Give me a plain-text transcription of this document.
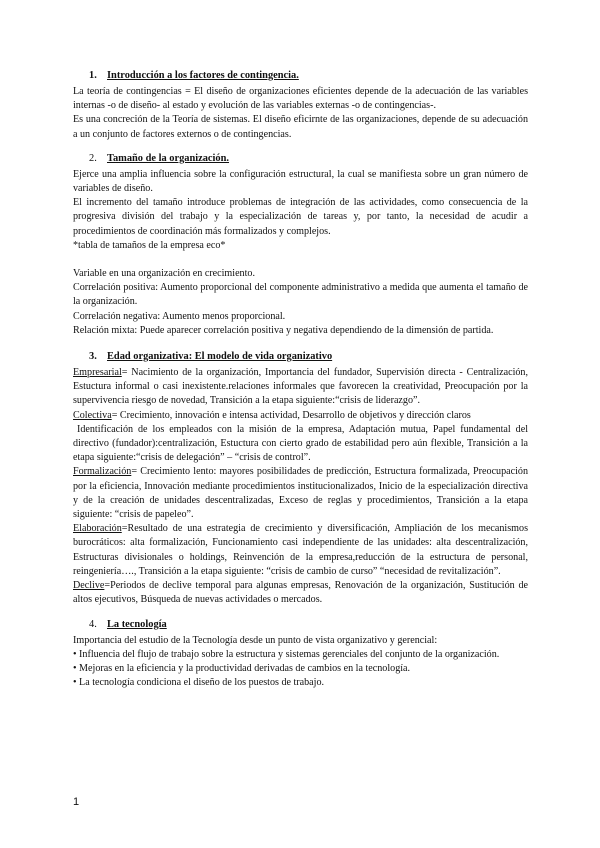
1. Introducción a los factores de contingencia.

La teoría de contingencias = El diseño de organizaciones eficientes depende de la adecuación de las variables internas -o de diseño- al estado y evolución de las variables externas -o de contingencias-.

Es una concreción de la Teoría de sistemas. El diseño eficirnte de las organizaciones, depende de su adecuación a un conjunto de factores externos o de contingencias.

2. Tamaño de la organización.

Ejerce una amplia influencia sobre la configuración estructural, la cual se manifiesta sobre un gran número de variables de diseño.

El incremento del tamaño introduce problemas de integración de las actividades, como consecuencia de la progresiva división del trabajo y la especialización de tareas y, por tanto, la necesidad de acudir a procedimientos de coordinación más formalizados y complejos.

*tabla de tamaños de la empresa eco*

Variable en una organización en crecimiento.

Correlación positiva: Aumento proporcional del componente administrativo a medida que aumenta el tamaño de la organización.

Correlación negativa: Aumento menos proporcional.

Relación mixta: Puede aparecer correlación positiva y negativa dependiendo de la dimensión de partida.

3. Edad organizativa: El modelo de vida organizativo

Empresarial= Nacimiento de la organización, Importancia del fundador, Supervisión directa - Centralización, Estuctura informal o casi inexistente.relaciones informales que favorecen la creatividad, Preocupación por la supervivencia riesgo de novedad, Transición a la etapa siguiente:“crisis de liderazgo”.

Colectiva= Crecimiento, innovación e intensa actividad, Desarrollo de objetivos y dirección claros

Identificación de los empleados con la misión de la empresa, Adaptación mutua, Papel fundamental del directivo (fundador):centralización, Estuctura con cierto grado de estabilidad pero aún flexible, Transición a la etapa siguiente:“crisis de delegación” – “crisis de control”.

Formalización= Crecimiento lento: mayores posibilidades de predicción, Estructura formalizada, Preocupación por la eficiencia, Innovación mediante procedimientos institucionalizados, Inicio de la especialización directiva y de la creación de unidades descentralizadas, Exceso de reglas y procedimientos, Transición a la etapa siguiente: “crisis de papeleo”.

Elaboración=Resultado de una estrategia de crecimiento y diversificación, Ampliación de los mecanismos burocráticos: alta formalización, Funcionamiento casi independiente de las unidades: alta descentralización, Estructuras divisionales o holdings, Reinvención de la empresa,reducción de la estructura de personal, reingeniería…., Transición a la etapa siguiente: “crisis de cambio de curso” “necesidad de revitalización”.

Declive=Periodos de declive temporal para algunas empresas, Renovación de la organización, Sustitución de altos ejecutivos, Búsqueda de nuevas actividades o mercados.

4. La tecnología

Importancia del estudio de la Tecnología desde un punto de vista organizativo y gerencial:

• Influencia del flujo de trabajo sobre la estructura y sistemas gerenciales del conjunto de la organización.

• Mejoras en la eficiencia y la productividad derivadas de cambios en la tecnología.

• La tecnología condiciona el diseño de los puestos de trabajo.

1
